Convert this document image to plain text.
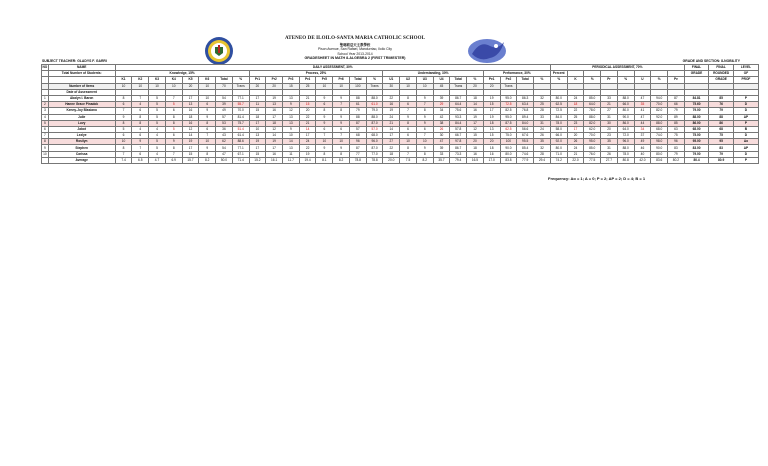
ATENEO DE ILOILO-SANTA MARIA CATHOLIC SCHOOL
聖瑪莉亞天主教學校
Pison Avenue, San Rafael, Mandurriao, Iloilo City
School Year 2013-2014
GRADESHEET IN MATH 8-ALGEBRA 2 (FIRST TRIMESTER)
SUBJECT TEACHER: GLADYS F. GARRI	GRADE AND SECTION: 8-NOBILITY
NO	NAME	DAILY ASSESSMENT, 30%																										PERIODICAL ASSESSMENT, 70%								FINAL	FINAL	LEVEL
	Total Number of Students:	Knowledge, 15%								Process, 25%								Understanding, 30%						Performance, 30%				Percent								GRADE	ROUNDED	OF
		K1	K2	K3	K4	K5	K6	Total	%	Pr1	Pr2	Pr3	Pr4	Pr5	Pr6	Total	%	U1	U2	U3	U4	Total	%	Pe1	Pe2	Total	%	%	K	%	Pr	%	U	%	Pe		GRADE	PROF
	Number of Items	10	10	10	10	20	10	70	Trans	20	20	15	25	10	10	100	Trans	30	10	10	45	Trans	20	20	Trans													
	Date of Assessment																																					
1	Abalyn I. Baron	8	7	5	7	17	10	54	77.1	17	19	13	21	9	9	88	88.0	22	8	9	39	86.7	18	19	95.0	86.3	32	80.0	24	85.0	33	88.0	47	94.0	87	84.81	85	P
2	Hanne Grace Pinadok	6	4	5	5	13	6	39	55.7	11	13	9	15	6	7	61	61.0	16	6	7	29	64.4	14	15	72.5	63.4	25	62.5	18	64.0	21	66.0	35	70.0	66	75.60	76	D
3	Kenny-Joy Blasiano	7	6	5	6	16	9	49	70.0	15	16	12	20	8	8	79	79.0	19	7	8	34	75.6	16	17	82.5	76.8	28	72.5	22	78.0	27	80.0	41	82.0	79	79.00	79	D
4	Julie	9	8	5	8	18	9	57	81.4	18	17	13	22	9	9	88	88.0	24	9	9	42	93.3	19	19	95.0	89.4	33	84.0	25	88.0	31	90.0	47	92.0	89	88.00	88	AP
5	Luvy	8	8	5	8	16	8	53	75.7	17	18	13	21	9	9	87	87.0	21	8	9	38	84.4	17	18	87.5	84.0	31	78.0	23	82.0	30	86.0	44	88.0	85	86.00	86	P
6	Jabot	5	4	4	5	12	6	36	51.4	10	12	9	14	6	6	57	57.0	14	6	6	26	57.8	12	13	62.5	56.6	24	58.0	17	62.0	20	64.0	34	68.0	63	68.00	68	B
7	Lezlye	6	6	4	6	14	7	43	61.4	13	14	10	17	7	7	68	68.0	17	6	7	30	66.7	15	15	75.0	67.6	26	66.0	20	70.0	23	72.0	37	74.0	75	75.00	75	D
8	Rosilyn	10	9	5	9	19	10	62	88.6	19	19	14	24	10	10	96	96.0	27	10	10	47	97.8	20	20	100	95.5	35	92.0	26	95.0	35	96.0	49	98.0	96	95.00	95	Ao
9	Stephen	8	7	5	8	17	9	54	77.1	17	17	13	22	9	9	87	87.0	22	8	9	39	86.7	18	18	90.0	85.4	32	80.0	24	85.0	31	88.0	46	90.0	83	83.00	83	AP
10	Carissa	7	6	4	7	15	8	47	67.1	15	16	11	19	8	8	77	77.0	18	7	8	33	73.3	16	16	80.0	74.6	28	71.0	21	76.0	26	78.0	40	80.0	79	79.00	79	D
	Average	7.4	6.5	4.7	6.9	15.7	8.2	50.0	71.4	15.2	16.1	11.7	19.4	8.1	8.2	78.8	78.8	20.0	7.5	8.2	35.7	79.4	16.5	17.0	83.8	77.9	29.4	74.2	22.0	77.5	27.7	80.8	42.0	83.6	80.2	80.4	80.9	P
Frequency: Ao = 1; A = 0; P = 2; AP = 2; D = 4; B = 1
